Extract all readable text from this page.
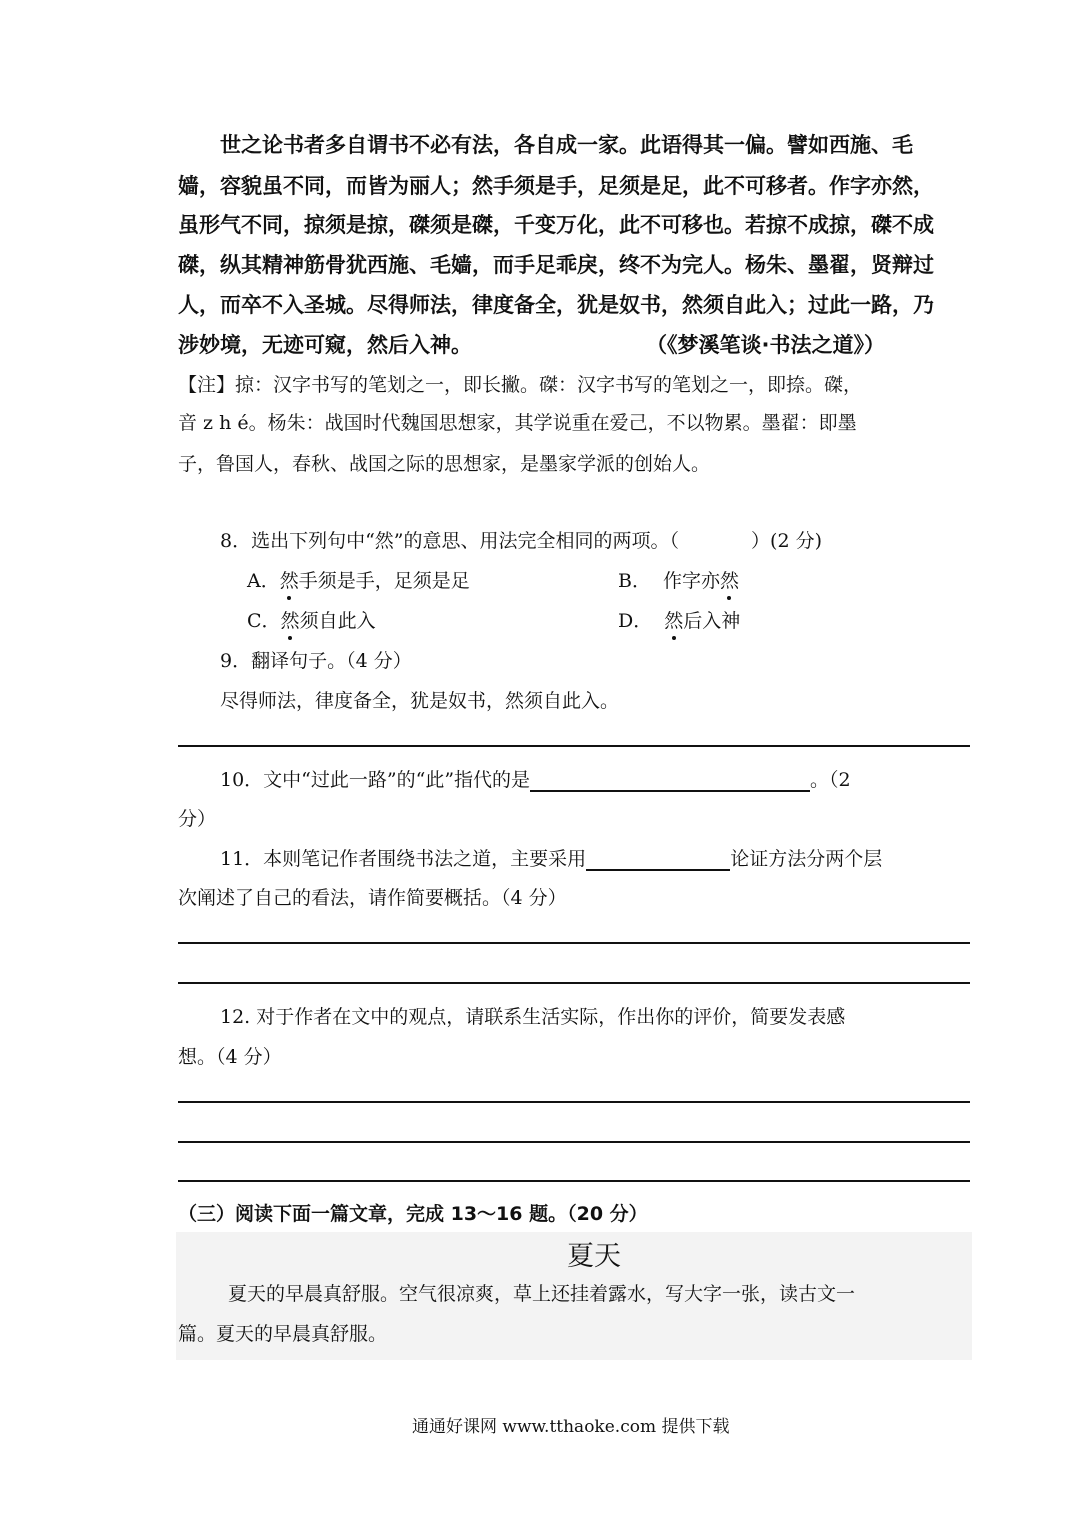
世之论书者多自谓书不必有法，各自成一家。此语得其一偏。譬如西施、毛
嫱，容貌虽不同，而皆为丽人；然手须是手，足须是足，此不可移者。作字亦然，
虽形气不同，掠须是掠，磔须是磔，千变万化，此不可移也。若掠不成掠，磔不成
磔，纵其精神筋骨犹西施、毛嫱，而手足乖戾，终不为完人。杨朱、墨翟，贤辩过
人，而卒不入圣城。尽得师法，律度备全，犹是奴书，然须自此入；过此一路，乃
涉妙境，无迹可窥，然后入神。	（《梦溪笔谈·书法之道》）
【注】掠：汉字书写的笔划之一，即长撇。磔：汉字书写的笔划之一，即捺。磔，
音 z h é。杨朱：战国时代魏国思想家，其学说重在爱己，不以物累。墨翟：即墨
子，鲁国人，春秋、战国之际的思想家，是墨家学派的创始人。
8．选出下列句中“然”的意思、用法完全相同的两项。（	）(2 分)
A．然手须是手，足须是足	B． 作字亦然
C．然须自此入	D． 然后入神
9．翻译句子。（4 分）
尽得师法，律度备全，犹是奴书，然须自此入。
10．文中“过此一路”的“此”指代的是	。（2
分）
11．本则笔记作者围绕书法之道，主要采用	论证方法分两个层
次阐述了自己的看法，请作简要概括。（4 分）
12. 对于作者在文中的观点，请联系生活实际，作出你的评价，简要发表感
想。（4 分）
（三）阅读下面一篇文章，完成 13～16 题。（20 分）
夏天
夏天的早晨真舒服。空气很凉爽，草上还挂着露水，写大字一张，读古文一
篇。夏天的早晨真舒服。
通通好课网 www.tthaoke.com 提供下载
